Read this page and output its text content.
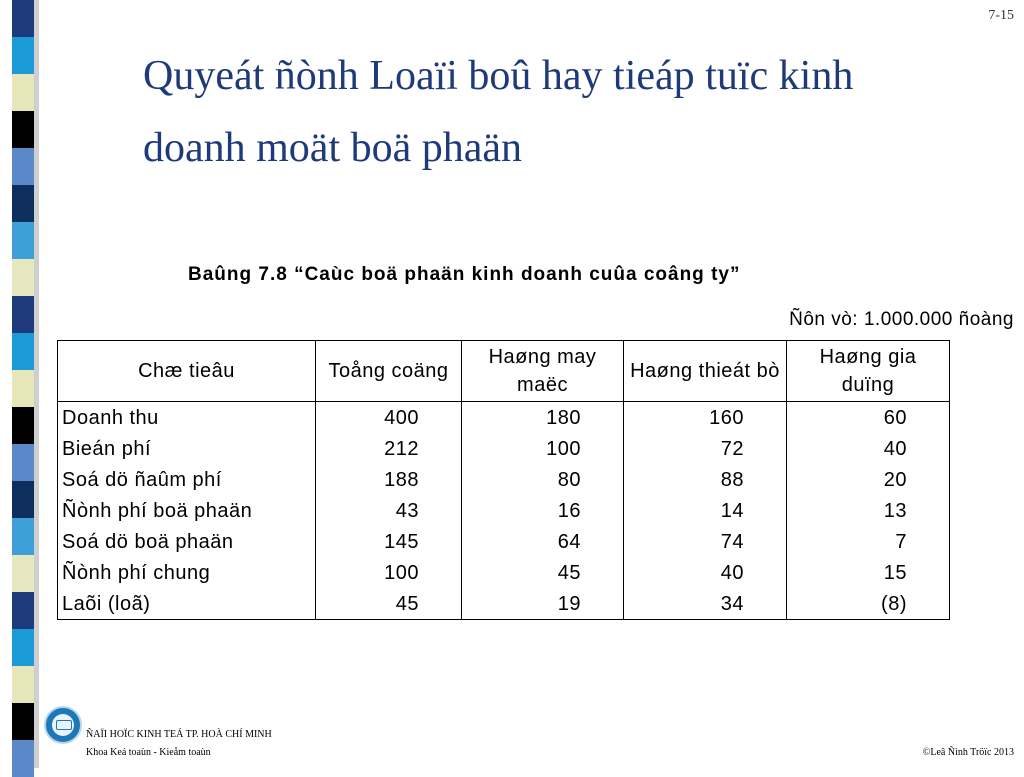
7-15
Quyeát ñònh Loaïi boû hay tieáp tuïc kinh
doanh moät boä phaän
Baûng 7.8 “Caùc boä phaän kinh doanh cuûa coâng ty”
Ñôn vò: 1.000.000 ñoàng
Chæ tieâu	Toång coäng	Haøng may maëc	Haøng thieát bò	Haøng gia duïng
Doanh thu	400	180	160	60
Bieán phí	212	100	72	40
Soá dö ñaûm phí	188	80	88	20
Ñònh phí boä phaän	43	16	14	13
Soá dö boä phaän	145	64	74	7
Ñònh phí chung	100	45	40	15
Laõi (loã)	45	19	34	(8)
ÑAÏI HOÏC KINH TEÁ TP. HOÀ CHÍ MINH
Khoa Keá toaùn - Kieåm toaùn	©Leâ Ñình Tröïc 2013
